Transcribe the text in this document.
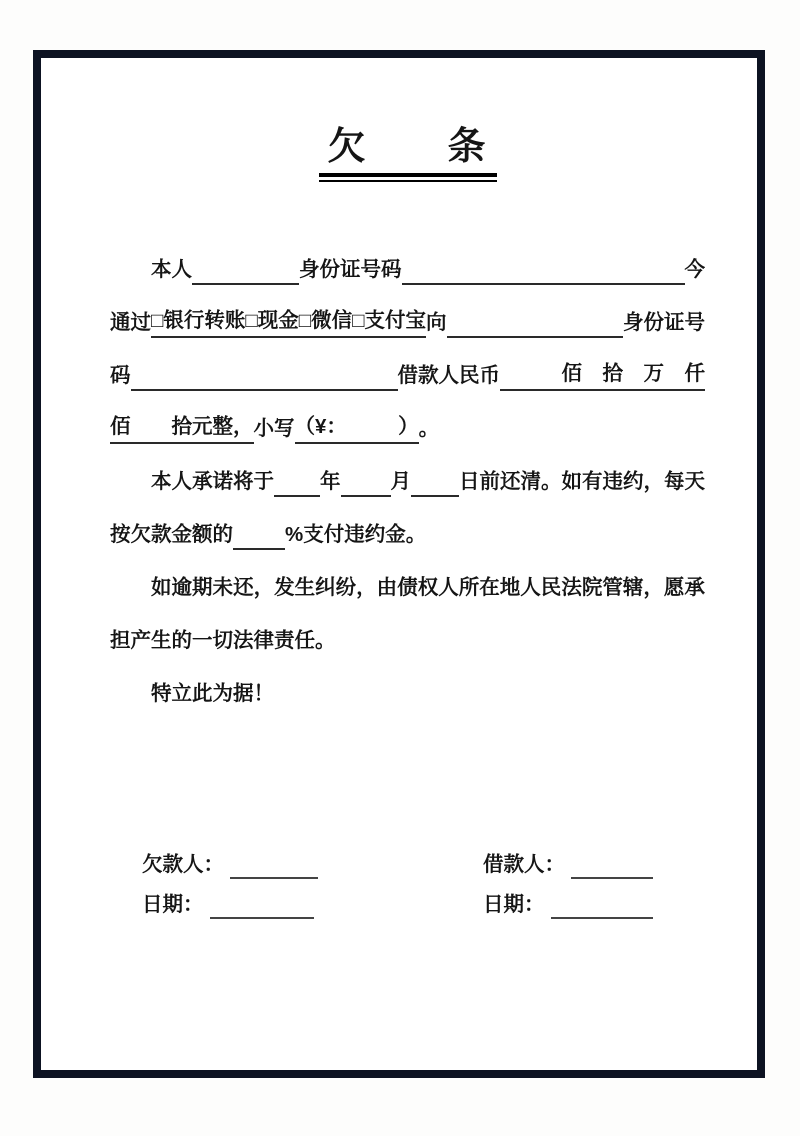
欠　　条
本人	身份证号码	今
通过 □银行转账□现金□微信□支付宝 向	身份证号
码	借款人民币 　　　佰　拾　万　仟
佰　　拾元整， 小写 （¥：　　　） 。
本人承诺将于 年 月 日前还清。如有违约，每天
按欠款金额的	%支付违约金。
如 逾 期 未 还 ， 发 生 纠 纷 ， 由 债 权 人 所 在 地 人 民 法 院 管 辖 ， 愿 承
担产生的一切法律责任。
特立此为据！
欠款人：
日期：
借款人：
日期：
